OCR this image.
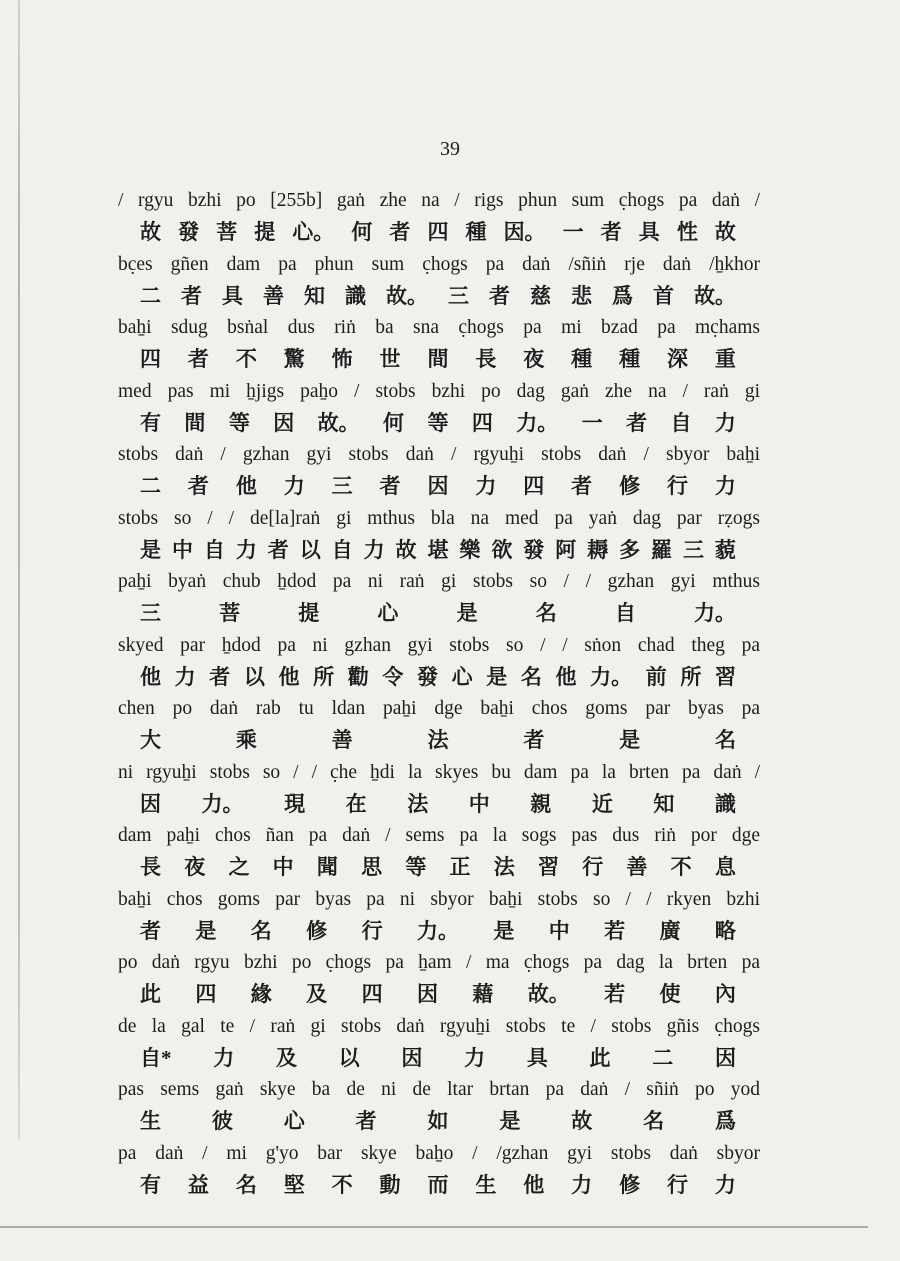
39
/ rgyu bzhi po [255b] gaṅ zhe na / rigs phun sum c̣hogs pa daṅ /
故 發 菩 提 心。 何 者 四 種 因。 一 者 具 性 故
bc̣es gñen dam pa phun sum c̣hogs pa daṅ /sñiṅ rje daṅ /ẖkhor
二 者 具 善 知 識 故。 三 者 慈 悲 爲 首 故。
baẖi sdug bsṅal dus riṅ ba sna c̣hogs pa mi bzad pa mc̣hams
四 者 不 驚 怖 世 間 長 夜 種 種 深 重
med pas mi ẖjigs paẖo / stobs bzhi po dag gaṅ zhe na / raṅ gi
有 間 等 因 故。 何 等 四 力。 一 者 自 力
stobs daṅ / gzhan gyi stobs daṅ / rgyuẖi stobs daṅ / sbyor baẖi
二 者 他 力 三 者 因 力 四 者 修 行 力
stobs so / / de[la]raṅ gi mthus bla na med pa yaṅ dag par rẓogs
是 中 自 力 者 以 自 力 故 堪 樂 欲 發 阿 耨 多 羅 三 藐
paẖi byaṅ chub ẖdod pa ni raṅ gi stobs so / / gzhan gyi mthus
三	菩	提	心	是	名	自	力。
skyed par ẖdod pa ni gzhan gyi stobs so / / sṅon chad theg pa
他 力 者 以 他 所 勸 令 發 心 是 名 他 力。 前 所 習
chen po daṅ rab tu ldan paẖi dge baẖi chos goms par byas pa
大	乘	善	法	者	是	名
ni rgyuẖi stobs so / / c̣he ẖdi la skyes bu dam pa la brten pa daṅ /
因 力。 現 在 法 中 親 近 知 識
dam paẖi chos ñan pa daṅ / sems pa la sogs pas dus riṅ por dge
長 夜 之 中 聞 思 等 正 法 習 行 善 不 息
baẖi chos goms par byas pa ni sbyor baẖi stobs so / / rkyen bzhi
者 是 名 修 行 力。 是 中 若 廣 略
po daṅ rgyu bzhi po c̣hogs pa ẖam / ma c̣hogs pa dag la brten pa
此 四 緣 及 四 因 藉 故。 若 使 內
de la gal te / raṅ gi stobs daṅ rgyuẖi stobs te / stobs gñis c̣hogs
自* 力 及 以 因 力 具 此 二 因
pas sems gaṅ skye ba de ni de ltar brtan pa daṅ / sñiṅ po yod
生 彼 心 者 如 是 故 名 爲
pa daṅ / mi g'yo bar skye baẖo / /gzhan gyi stobs daṅ sbyor
有 益 名 堅 不 動 而 生 他 力 修 行 力
